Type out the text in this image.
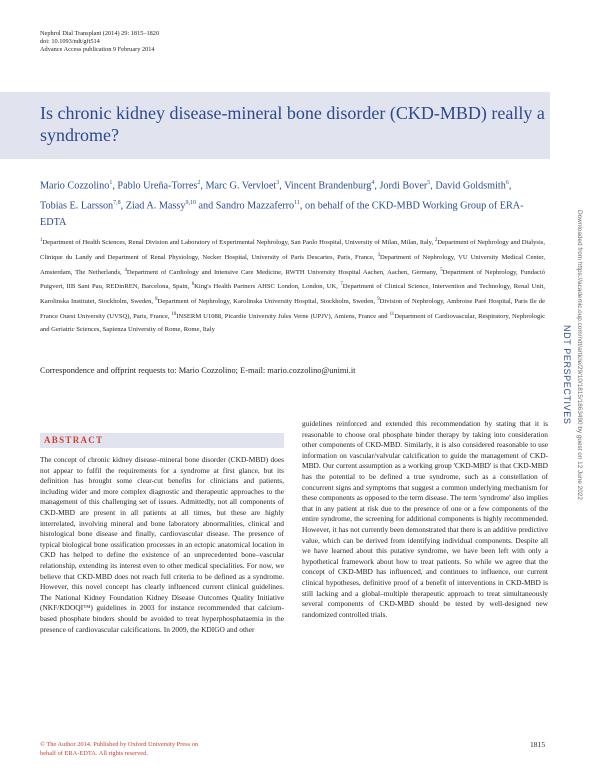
Nephrol Dial Transplant (2014) 29: 1815–1820
doi: 10.1093/ndt/gft514
Advance Access publication 9 February 2014
Is chronic kidney disease-mineral bone disorder (CKD-MBD) really a syndrome?
Mario Cozzolino$^1$, Pablo Ureña-Torres$^2$, Marc G. Vervloet$^3$, Vincent Brandenburg$^4$, Jordi Bover$^5$, David Goldsmith$^6$, Tobias E. Larsson$^{7,8}$, Ziad A. Massy$^{9,10}$ and Sandro Mazzaferro$^{11}$, on behalf of the CKD-MBD Working Group of ERA-EDTA
$^1$Department of Health Sciences, Renal Division and Laboratory of Experimental Nephrology, San Paolo Hospital, University of Milan, Milan, Italy, $^2$Department of Nephrology and Dialysis, Clinique du Landy and Department of Renal Physiology, Necker Hospital, University of Paris Descartes, Paris, France, $^3$Department of Nephrology, VU University Medical Center, Amsterdam, The Netherlands, $^4$Department of Cardiology and Intensive Care Medicine, RWTH University Hospital Aachen, Aachen, Germany, $^5$Department of Nephrology, Fundació Puigvert, IIB Sant Pau, REDinREN, Barcelona, Spain, $^6$King's Health Partners AHSC London, London, UK, $^7$Department of Clinical Science, Intervention and Technology, Renal Unit, Karolinska Institutet, Stockholm, Sweden, $^8$Department of Nephrology, Karolinska University Hospital, Stockholm, Sweden, $^9$Division of Nephrology, Ambroise Paré Hospital, Paris Ile de France Ouest University (UVSQ), Paris, France, $^{10}$INSERM U1088, Picardie University Jules Verne (UPJV), Amiens, France and $^{11}$Department of Cardiovascular, Respiratory, Nephrologic and Geriatric Sciences, Sapienza University of Rome, Rome, Italy
Correspondence and offprint requests to: Mario Cozzolino; E-mail: mario.cozzolino@unimi.it
ABSTRACT

The concept of chronic kidney disease–mineral bone disorder (CKD-MBD) does not appear to fulfil the requirements for a syndrome at first glance, but its definition has brought some clear-cut benefits for clinicians and patients, including wider and more complex diagnostic and therapeutic approaches to the management of this challenging set of issues. Admittedly, not all components of CKD-MBD are present in all patients at all times, but these are highly interrelated, involving mineral and bone laboratory abnormalities, clinical and histological bone disease and finally, cardiovascular disease. The presence of typical biological bone ossification processes in an ectopic anatomical location in CKD has helped to define the existence of an unprecedented bone–vascular relationship, extending its interest even to other medical specialities. For now, we believe that CKD-MBD does not reach full criteria to be defined as a syndrome. However, this novel concept has clearly influenced current clinical guidelines. The National Kidney Foundation Kidney Disease Outcomes Quality Initiative (NKF/KDOQI™) guidelines in 2003 for instance recommended that calcium-based phosphate binders should be avoided to treat hyperphosphataemia in the presence of cardiovascular calcifications. In 2009, the KDIGO and other

guidelines reinforced and extended this recommendation by stating that it is reasonable to choose oral phosphate binder therapy by taking into consideration other components of CKD-MBD. Similarly, it is also considered reasonable to use information on vascular/valvular calcification to guide the management of CKD-MBD. Our current assumption as a working group 'CKD-MBD' is that CKD-MBD has the potential to be defined a true syndrome, such as a constellation of concurrent signs and symptoms that suggest a common underlying mechanism for these components as opposed to the term disease. The term 'syndrome' also implies that in any patient at risk due to the presence of one or a few components of the entire syndrome, the screening for additional components is highly recommended. However, it has not currently been demonstrated that there is an additive predictive value, which can be derived from identifying individual components. Despite all we have learned about this putative syndrome, we have been left with only a hypothetical framework about how to treat patients. So while we agree that the concept of CKD-MBD has influenced, and continues to influence, our current clinical hypotheses, definitive proof of a benefit of interventions in CKD-MBD is still lacking and a global–multiple therapeutic approach to treat simultaneously several components of CKD-MBD should be tested by well-designed new randomized controlled trials.

© The Author 2014. Published by Oxford University Press on
behalf of ERA-EDTA. All rights reserved.
1815
Downloaded from https://academic.oup.com/ndt/article/29/10/1815/1863490 by guest on 12 June 2022
NDT PERSPECTIVES
